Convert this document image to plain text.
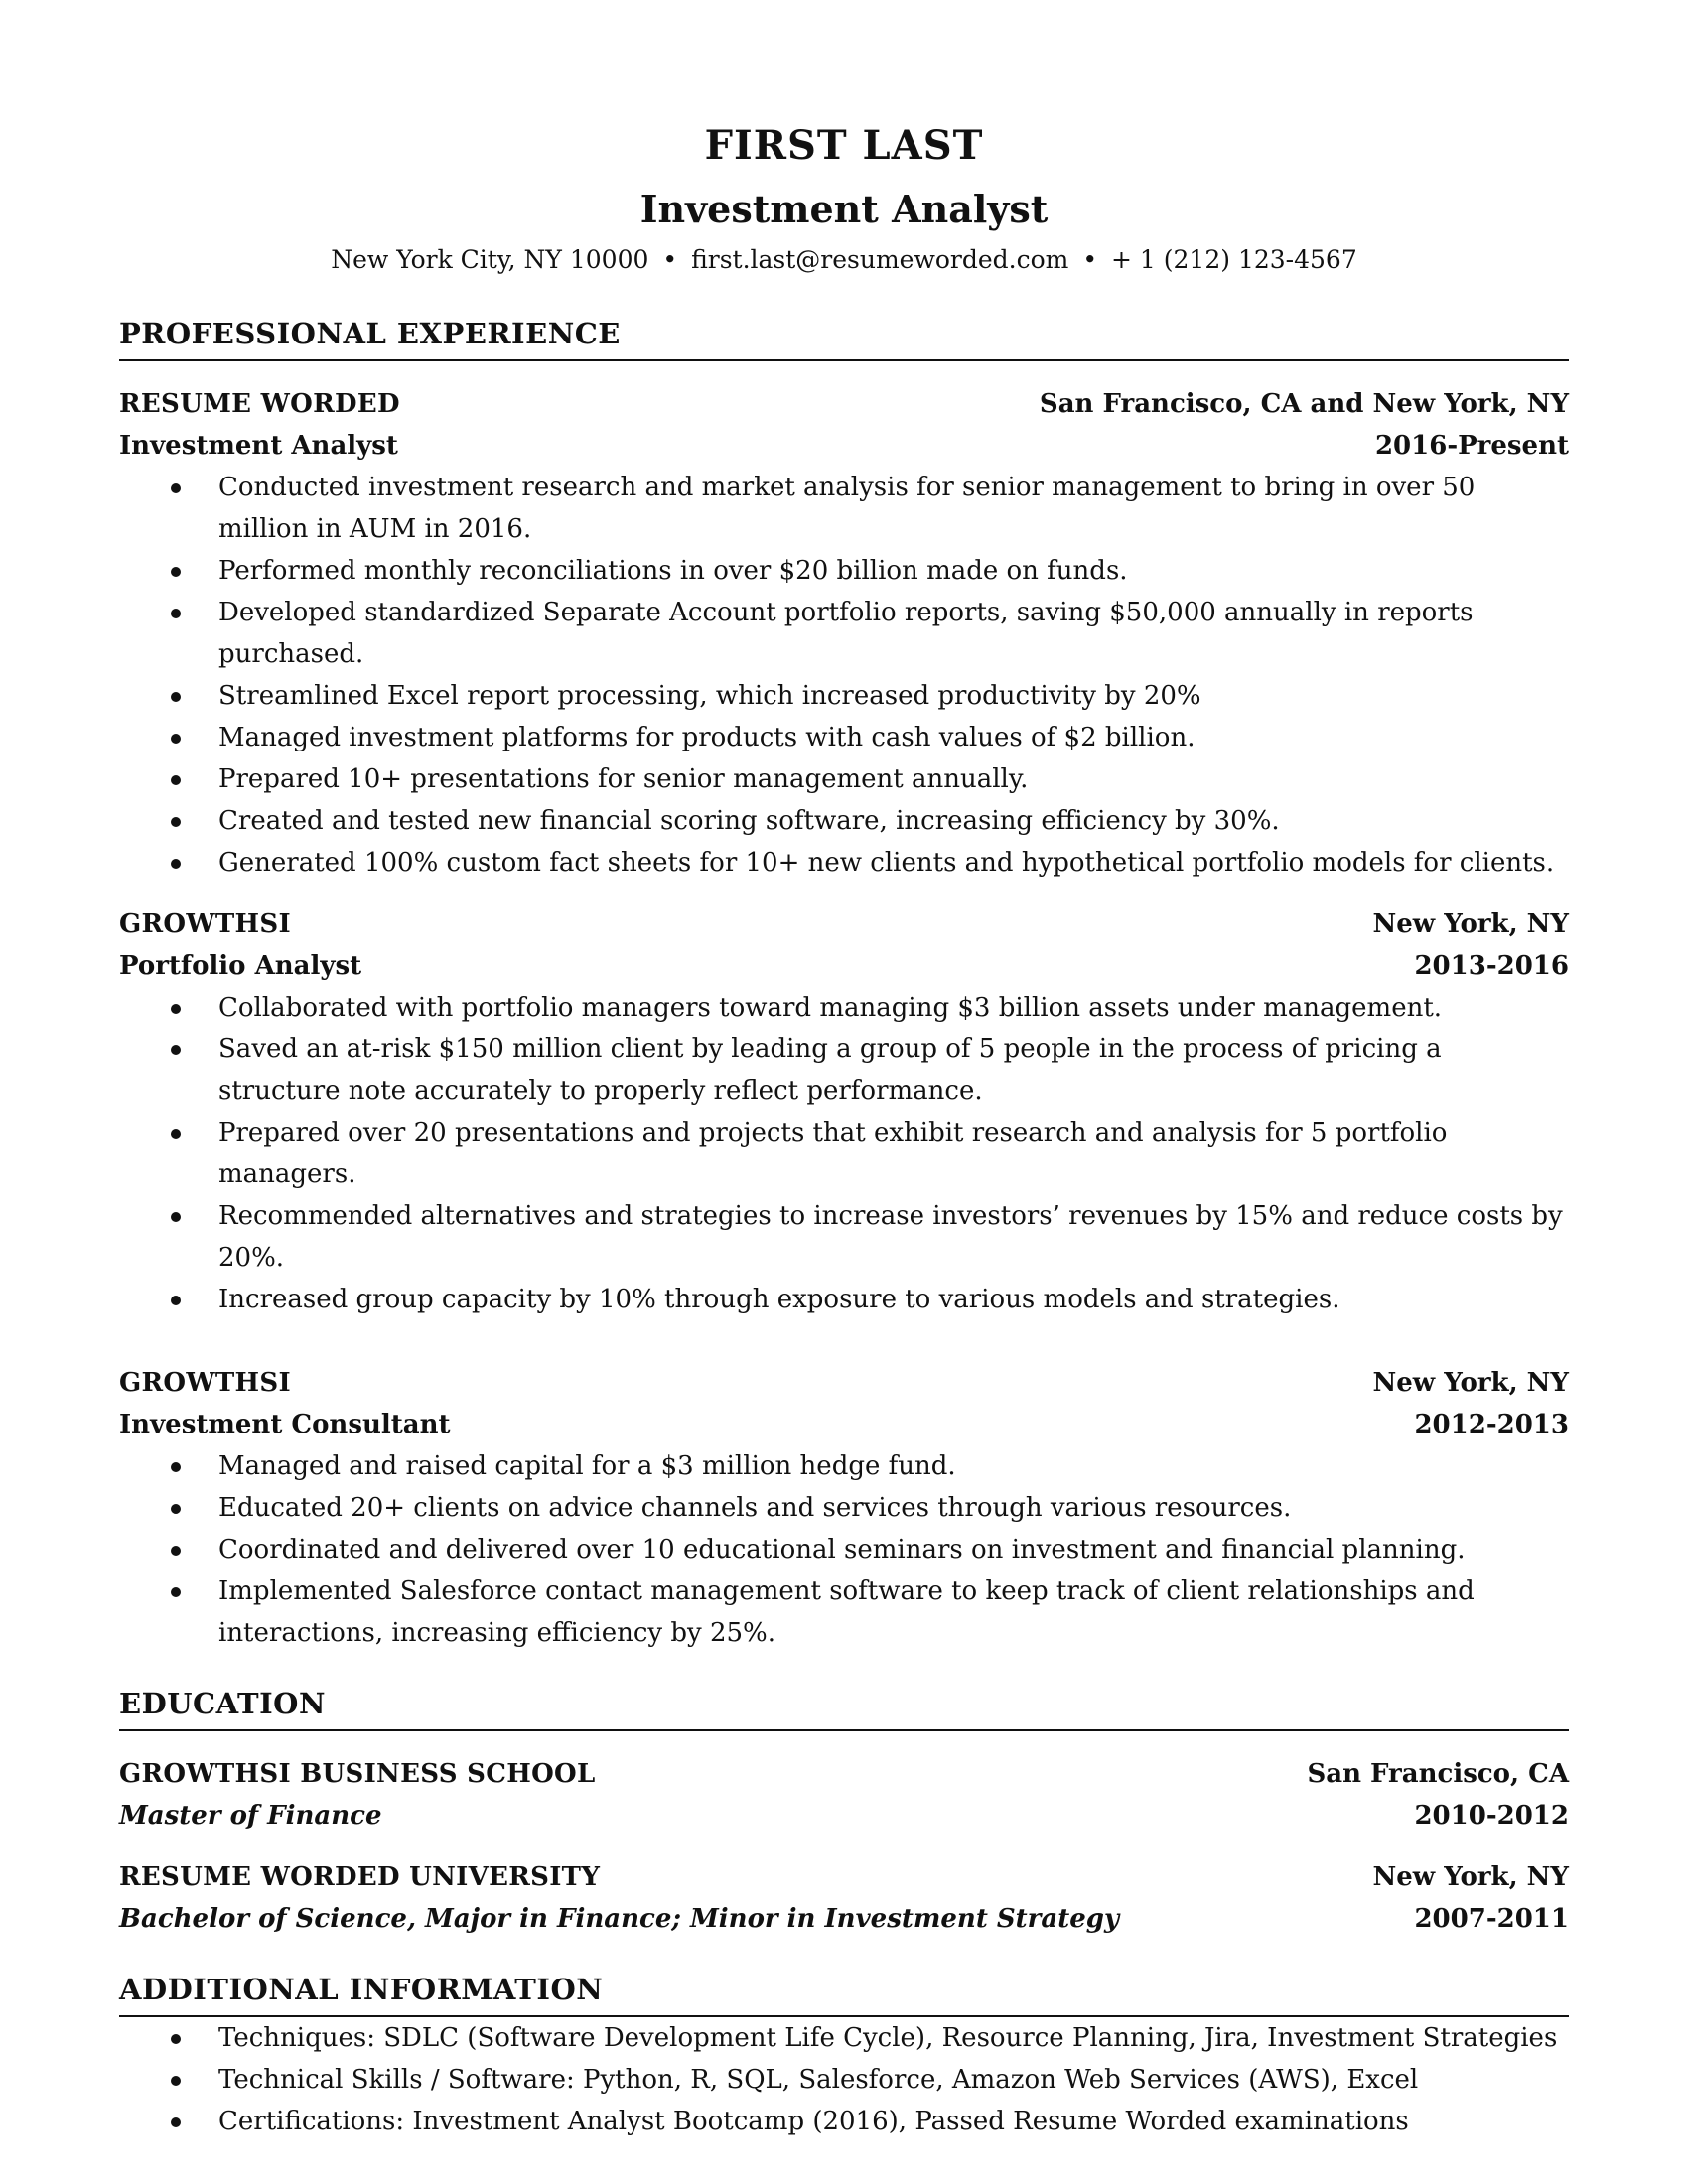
FIRST LAST
Investment Analyst
New York City, NY 10000 • first.last@resumeworded.com • + 1 (212) 123-4567
PROFESSIONAL EXPERIENCE
RESUME WORDED	San Francisco, CA and New York, NY
Investment Analyst	2016-Present
Conducted investment research and market analysis for senior management to bring in over 50 million in AUM in 2016.
Performed monthly reconciliations in over $20 billion made on funds.
Developed standardized Separate Account portfolio reports, saving $50,000 annually in reports purchased.
Streamlined Excel report processing, which increased productivity by 20%
Managed investment platforms for products with cash values of $2 billion.
Prepared 10+ presentations for senior management annually.
Created and tested new financial scoring software, increasing efficiency by 30%.
Generated 100% custom fact sheets for 10+ new clients and hypothetical portfolio models for clients.
GROWTHSI	New York, NY
Portfolio Analyst	2013-2016
Collaborated with portfolio managers toward managing $3 billion assets under management.
Saved an at-risk $150 million client by leading a group of 5 people in the process of pricing a structure note accurately to properly reflect performance.
Prepared over 20 presentations and projects that exhibit research and analysis for 5 portfolio managers.
Recommended alternatives and strategies to increase investors’ revenues by 15% and reduce costs by 20%.
Increased group capacity by 10% through exposure to various models and strategies.
GROWTHSI	New York, NY
Investment Consultant	2012-2013
Managed and raised capital for a $3 million hedge fund.
Educated 20+ clients on advice channels and services through various resources.
Coordinated and delivered over 10 educational seminars on investment and financial planning.
Implemented Salesforce contact management software to keep track of client relationships and interactions, increasing efficiency by 25%.
EDUCATION
GROWTHSI BUSINESS SCHOOL	San Francisco, CA
Master of Finance	2010-2012
RESUME WORDED UNIVERSITY	New York, NY
Bachelor of Science, Major in Finance; Minor in Investment Strategy	2007-2011
ADDITIONAL INFORMATION
Techniques: SDLC (Software Development Life Cycle), Resource Planning, Jira, Investment Strategies
Technical Skills / Software: Python, R, SQL, Salesforce, Amazon Web Services (AWS), Excel
Certifications: Investment Analyst Bootcamp (2016), Passed Resume Worded examinations
